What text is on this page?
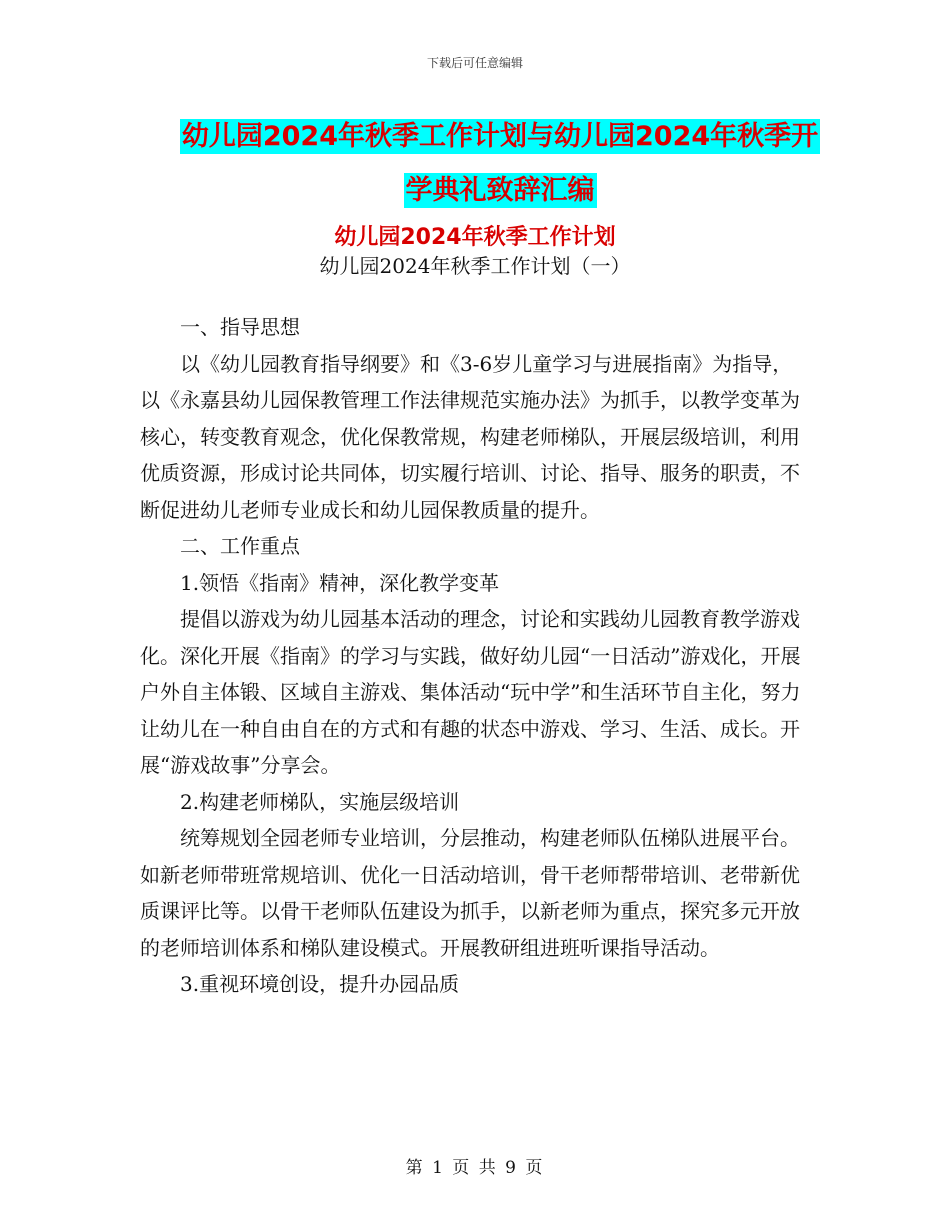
下载后可任意编辑
幼儿园2024年秋季工作计划与幼儿园2024年秋季开
学典礼致辞汇编
幼儿园2024年秋季工作计划
幼儿园2024年秋季工作计划（一）

一、指导思想

以《幼儿园教育指导纲要》和《3-6岁儿童学习与进展指南》为指导，以《永嘉县幼儿园保教管理工作法律规范实施办法》为抓手，以教学变革为核心，转变教育观念，优化保教常规，构建老师梯队，开展层级培训，利用优质资源，形成讨论共同体，切实履行培训、讨论、指导、服务的职责，不断促进幼儿老师专业成长和幼儿园保教质量的提升。

二、工作重点

1.领悟《指南》精神，深化教学变革

提倡以游戏为幼儿园基本活动的理念，讨论和实践幼儿园教育教学游戏化。深化开展《指南》的学习与实践，做好幼儿园“一日活动”游戏化，开展户外自主体锻、区域自主游戏、集体活动“玩中学”和生活环节自主化，努力让幼儿在一种自由自在的方式和有趣的状态中游戏、学习、生活、成长。开展“游戏故事”分享会。

2.构建老师梯队，实施层级培训

统筹规划全园老师专业培训，分层推动，构建老师队伍梯队进展平台。如新老师带班常规培训、优化一日活动培训，骨干老师帮带培训、老带新优质课评比等。以骨干老师队伍建设为抓手，以新老师为重点，探究多元开放的老师培训体系和梯队建设模式。开展教研组进班听课指导活动。

3.重视环境创设，提升办园品质

第 1 页 共 9 页
